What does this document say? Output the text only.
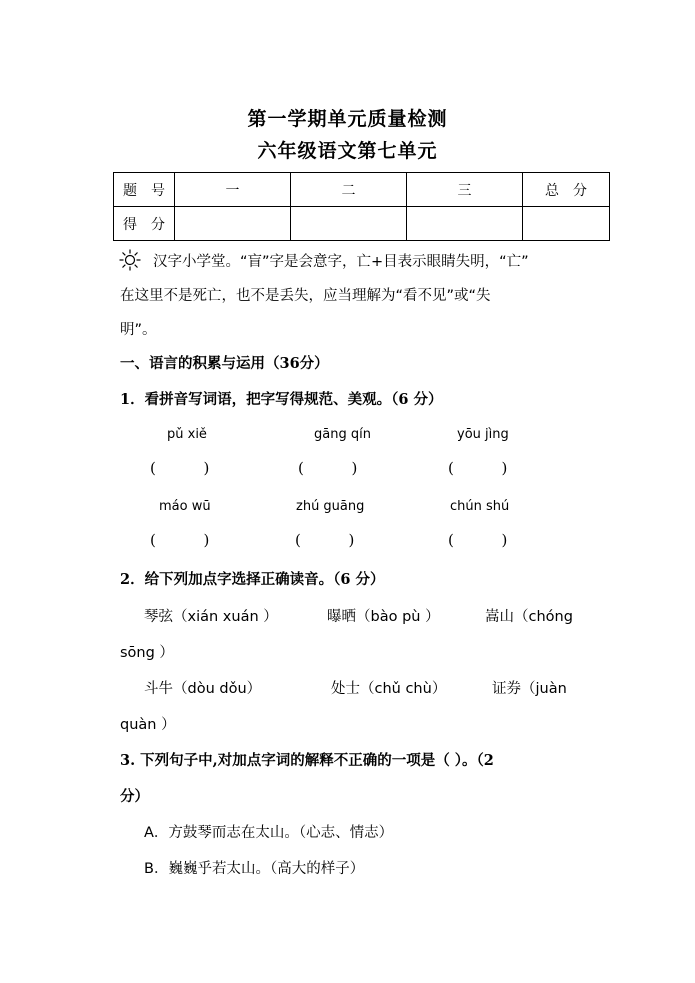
第一学期单元质量检测
六年级语文第七单元
题　号	一	二	三	总　分
得　分				
汉字小学堂。“盲”字是会意字，亡+目表示眼睛失明，“亡”
在这里不是死亡，也不是丢失，应当理解为“看不见”或“失
明”。
一、语言的积累与运用（36分）
1．看拼音写词语，把字写得规范、美观。（6 分）
pǔ xiě	gāng qín	yōu jìng
(          )	(          )	(          )
máo wū	zhú guāng	chún shú
(          )	(          )	(          )
2．给下列加点字选择正确读音。（6 分）
琴弦（xián xuán ）	曝晒（bào pù ）	嵩山（chóng
sōng ）
斗牛（dòu dǒu）	处士（chǔ chù）	证券（juàn
quàn ）
3. 下列句子中,对加点字词的解释不正确的一项是（ ）。（2
分）
A．方鼓琴而志在太山。（心志、情志）
B．巍巍乎若太山。（高大的样子）
